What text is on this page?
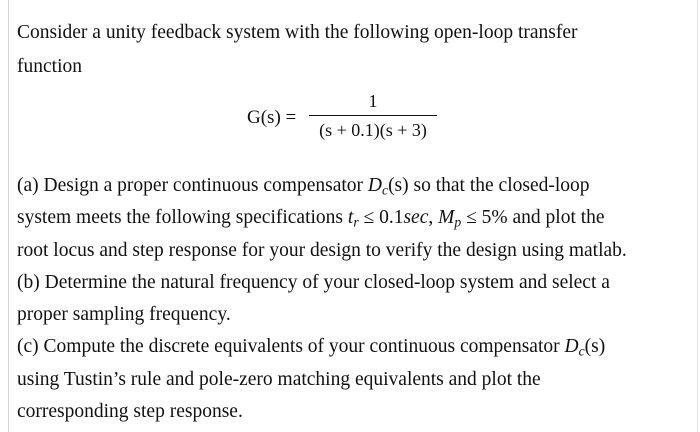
Consider a unity feedback system with the following open-loop transfer
function
G(s) =
1
(s + 0.1)(s + 3)
(a) Design a proper continuous compensator $D_c(s)$ so that the closed-loop
system meets the following specifications $t_r \le 0.1\sec$, $M_p \le 5\%$ and plot the
root locus and step response for your design to verify the design using matlab.
(b) Determine the natural frequency of your closed-loop system and select a
proper sampling frequency.
(c) Compute the discrete equivalents of your continuous compensator $D_c(s)$
using Tustin’s rule and pole-zero matching equivalents and plot the
corresponding step response.
